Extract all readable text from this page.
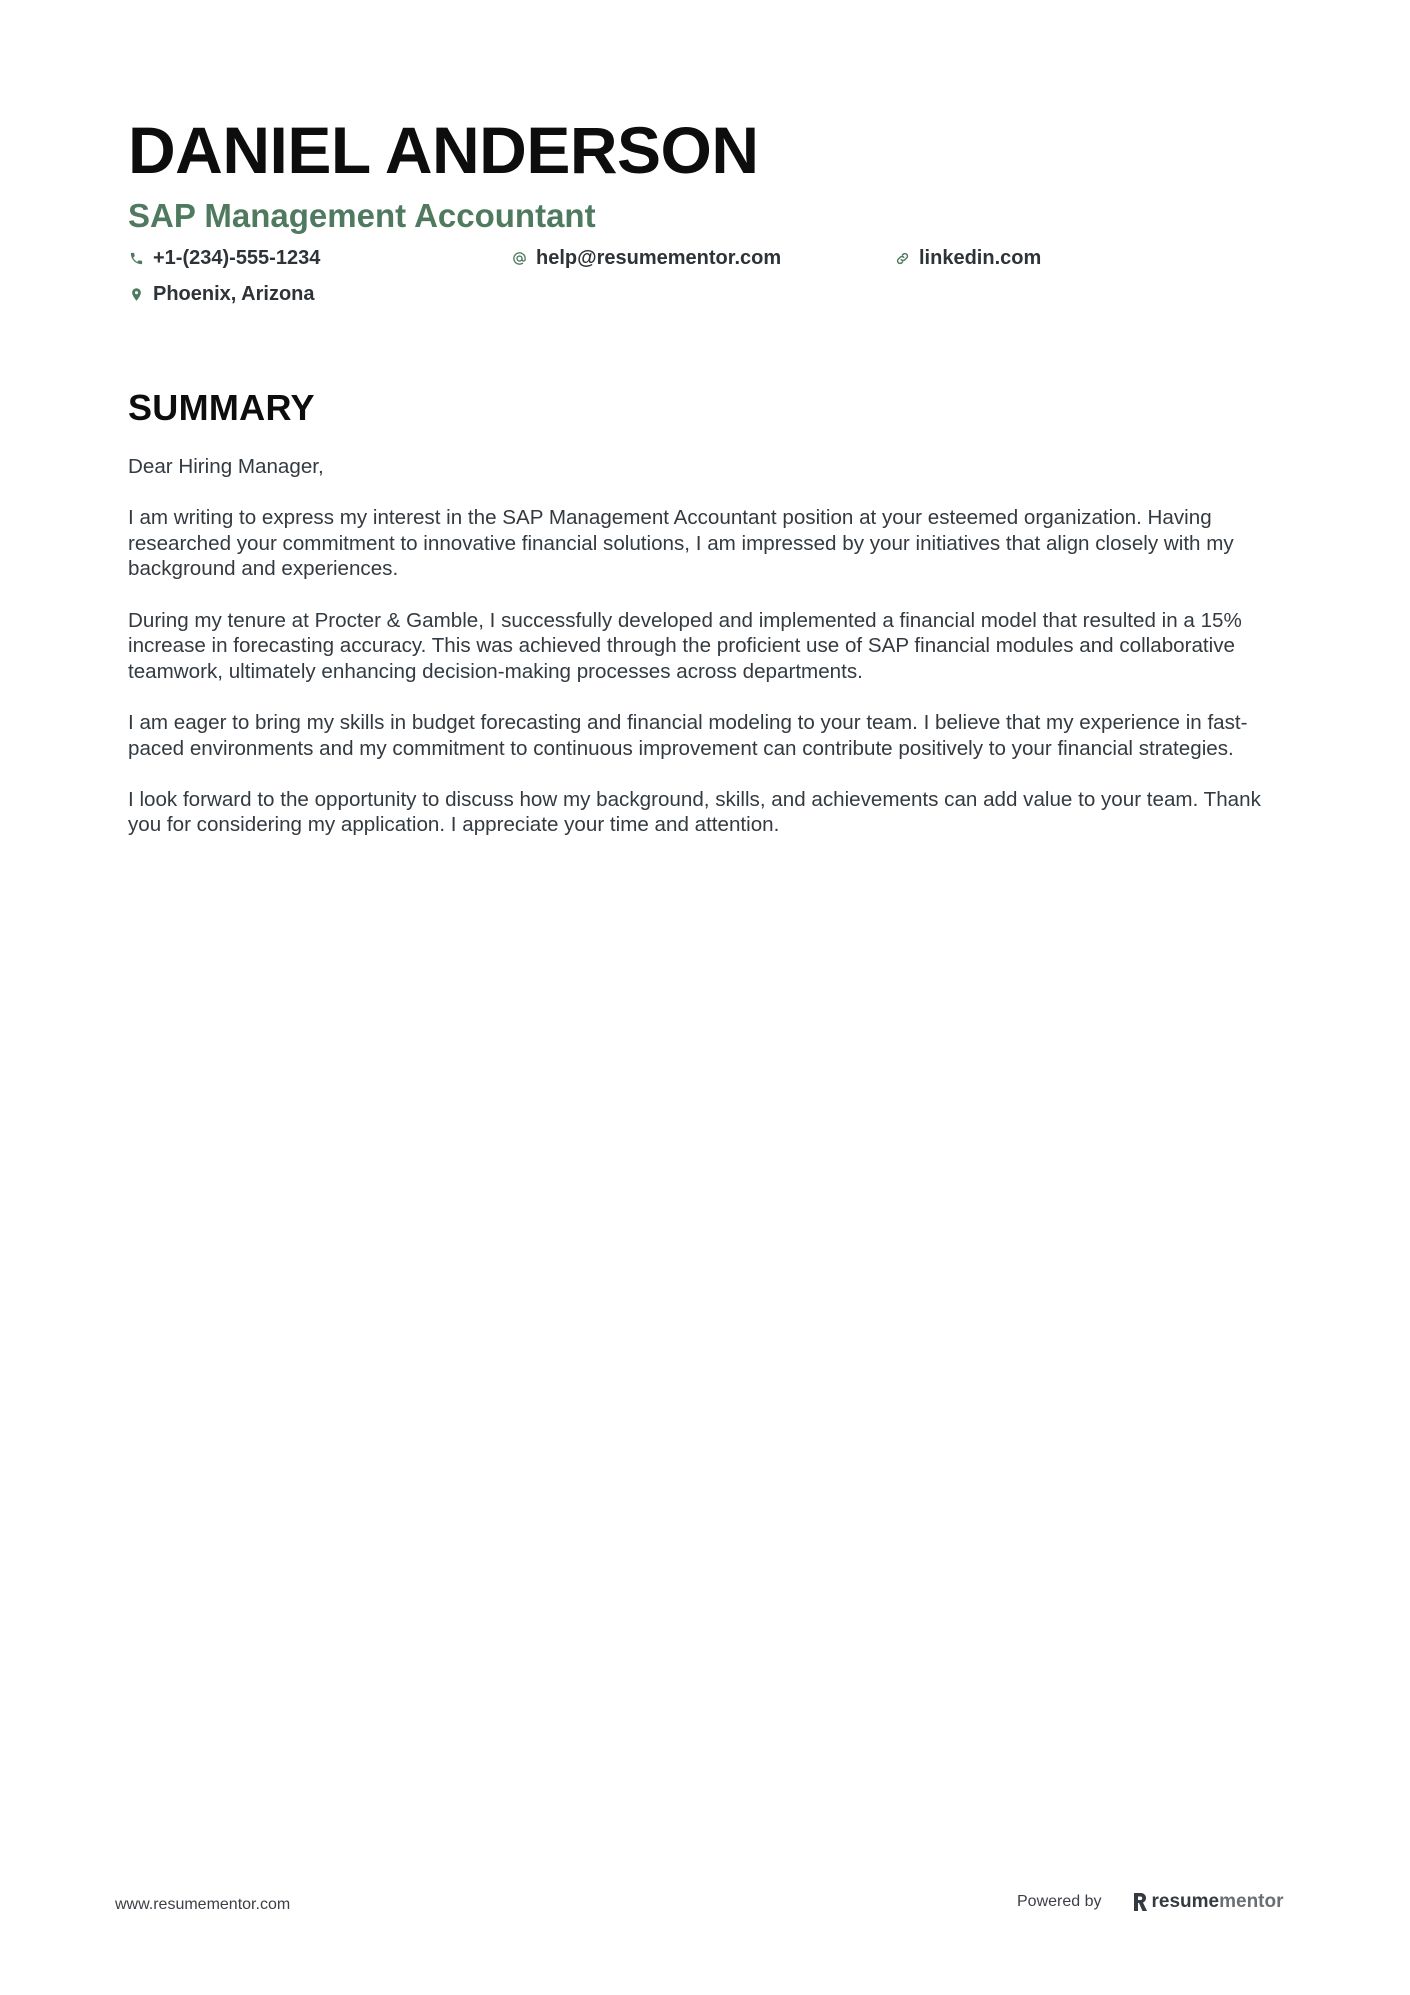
DANIEL ANDERSON
SAP Management Accountant
+1-(234)-555-1234	help@resumementor.com	linkedin.com
Phoenix, Arizona
SUMMARY

Dear Hiring Manager,

I am writing to express my interest in the SAP Management Accountant position at your esteemed organization. Having researched your commitment to innovative financial solutions, I am impressed by your initiatives that align closely with my background and experiences.

During my tenure at Procter & Gamble, I successfully developed and implemented a financial model that resulted in a 15% increase in forecasting accuracy. This was achieved through the proficient use of SAP financial modules and collaborative teamwork, ultimately enhancing decision-making processes across departments.

I am eager to bring my skills in budget forecasting and financial modeling to your team. I believe that my experience in fast-paced environments and my commitment to continuous improvement can contribute positively to your financial strategies.

I look forward to the opportunity to discuss how my background, skills, and achievements can add value to your team. Thank you for considering my application. I appreciate your time and attention.

www.resumementor.com	Powered by	resume mentor
